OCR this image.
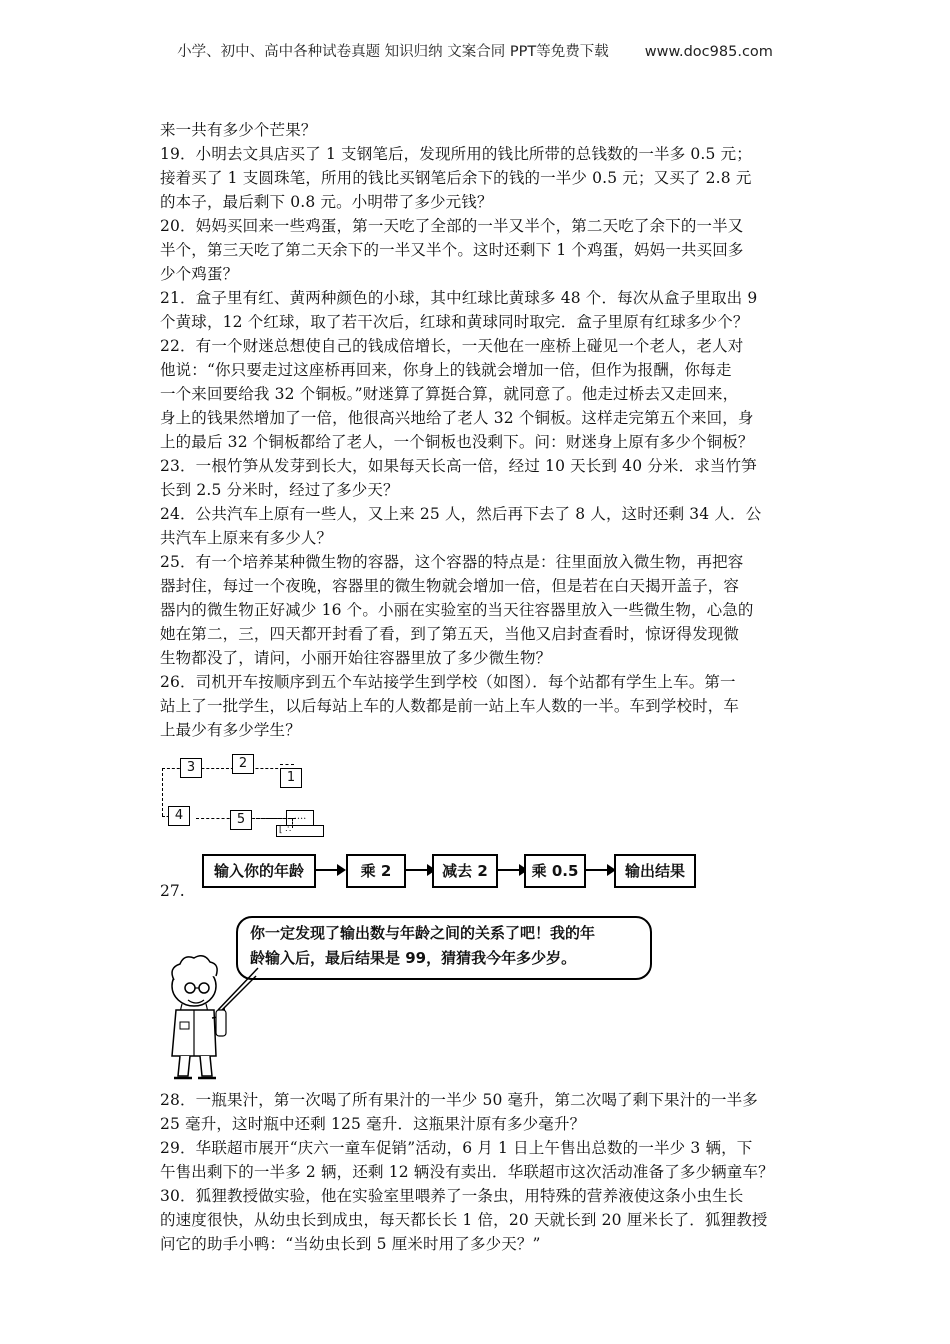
小学、初中、高中各种试卷真题 知识归纳 文案合同 PPT等免费下载 www.doc985.com
来一共有多少个芒果？
19．小明去文具店买了 1 支钢笔后，发现所用的钱比所带的总钱数的一半多 0.5 元；
接着买了 1 支圆珠笔，所用的钱比买钢笔后余下的钱的一半少 0.5 元；又买了 2.8 元
的本子，最后剩下 0.8 元。小明带了多少元钱？
20．妈妈买回来一些鸡蛋，第一天吃了全部的一半又半个，第二天吃了余下的一半又
半个，第三天吃了第二天余下的一半又半个。这时还剩下 1 个鸡蛋，妈妈一共买回多
少个鸡蛋？
21．盒子里有红、黄两种颜色的小球，其中红球比黄球多 48 个．每次从盒子里取出 9
个黄球，12 个红球，取了若干次后，红球和黄球同时取完．盒子里原有红球多少个？
22．有一个财迷总想使自己的钱成倍增长，一天他在一座桥上碰见一个老人，老人对
他说：“你只要走过这座桥再回来，你身上的钱就会增加一倍，但作为报酬，你每走
一个来回要给我 32 个铜板。”财迷算了算挺合算，就同意了。他走过桥去又走回来，
身上的钱果然增加了一倍，他很高兴地给了老人 32 个铜板。这样走完第五个来回，身
上的最后 32 个铜板都给了老人，一个铜板也没剩下。问：财迷身上原有多少个铜板？
23．一根竹笋从发芽到长大，如果每天长高一倍，经过 10 天长到 40 分米．求当竹笋
长到 2.5 分米时，经过了多少天？
24．公共汽车上原有一些人，又上来 25 人，然后再下去了 8 人，这时还剩 34 人．公
共汽车上原来有多少人？
25．有一个培养某种微生物的容器，这个容器的特点是：往里面放入微生物，再把容
器封住，每过一个夜晚，容器里的微生物就会增加一倍，但是若在白天揭开盖子，容
器内的微生物正好减少 16 个。小丽在实验室的当天往容器里放入一些微生物，心急的
她在第二，三，四天都开封看了看，到了第五天，当他又启封查看时，惊讶得发现微
生物都没了，请问，小丽开始往容器里放了多少微生物？
26．司机开车按顺序到五个车站接学生到学校（如图）．每个站都有学生上车。第一
站上了一批学生，以后每站上车的人数都是前一站上车人数的一半。车到学校时，车
上最少有多少学生？
3	2
1
4	5	....
⌊ ∴
27.
输入你的年龄	乘 2	减去 2	乘 0.5	输出结果
你一定发现了输出数与年龄之间的关系了吧！我的年
龄输入后，最后结果是 99，猜猜我今年多少岁。
28．一瓶果汁，第一次喝了所有果汁的一半少 50 毫升，第二次喝了剩下果汁的一半多
25 毫升，这时瓶中还剩 125 毫升．这瓶果汁原有多少毫升？
29．华联超市展开“庆六一童车促销”活动，6 月 1 日上午售出总数的一半少 3 辆，下
午售出剩下的一半多 2 辆，还剩 12 辆没有卖出．华联超市这次活动准备了多少辆童车？
30．狐狸教授做实验，他在实验室里喂养了一条虫，用特殊的营养液使这条小虫生长
的速度很快，从幼虫长到成虫，每天都长长 1 倍，20 天就长到 20 厘米长了．狐狸教授
问它的助手小鸭：“当幼虫长到 5 厘米时用了多少天？”
